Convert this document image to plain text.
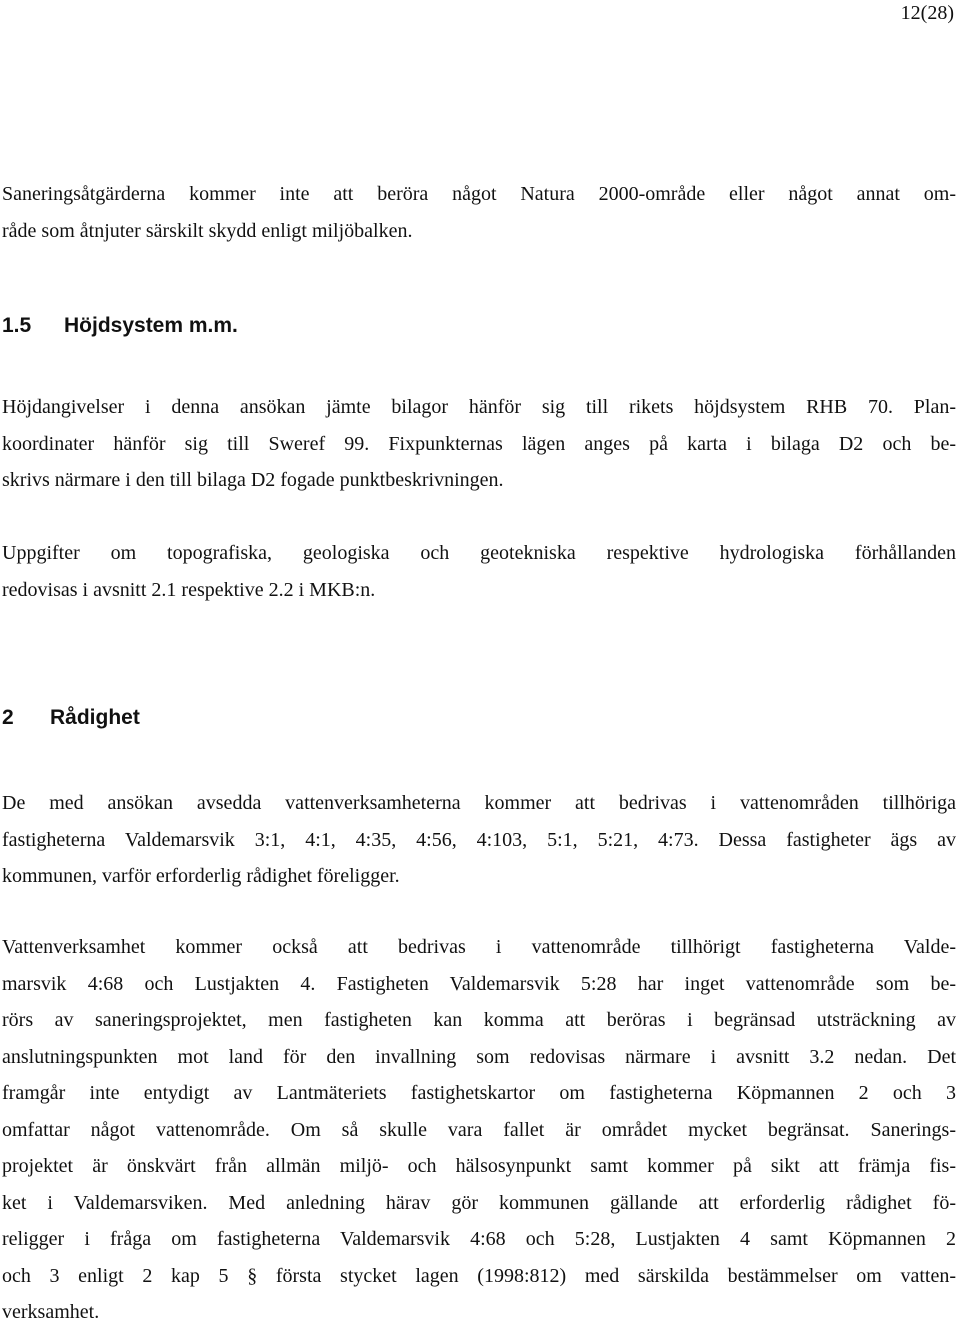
12(28)

Saneringsåtgärderna kommer inte att beröra något Natura 2000-område eller något annat om-
råde som åtnjuter särskilt skydd enligt miljöbalken.

1.5 Höjdsystem m.m.

Höjdangivelser i denna ansökan jämte bilagor hänför sig till rikets höjdsystem RHB 70. Plan-
koordinater hänför sig till Sweref 99. Fixpunkternas lägen anges på karta i bilaga D2 och be-
skrivs närmare i den till bilaga D2 fogade punktbeskrivningen.

Uppgifter om topografiska, geologiska och geotekniska respektive hydrologiska förhållanden
redovisas i avsnitt 2.1 respektive 2.2 i MKB:n.

2 Rådighet

De med ansökan avsedda vattenverksamheterna kommer att bedrivas i vattenområden tillhöriga
fastigheterna Valdemarsvik 3:1, 4:1, 4:35, 4:56, 4:103, 5:1, 5:21, 4:73. Dessa fastigheter ägs av
kommunen, varför erforderlig rådighet föreligger.

Vattenverksamhet kommer också att bedrivas i vattenområde tillhörigt fastigheterna Valde-
marsvik 4:68 och Lustjakten 4. Fastigheten Valdemarsvik 5:28 har inget vattenområde som be-
rörs av saneringsprojektet, men fastigheten kan komma att beröras i begränsad utsträckning av
anslutningspunkten mot land för den invallning som redovisas närmare i avsnitt 3.2 nedan. Det
framgår inte entydigt av Lantmäteriets fastighetskartor om fastigheterna Köpmannen 2 och 3
omfattar något vattenområde. Om så skulle vara fallet är området mycket begränsat. Sanerings-
projektet är önskvärt från allmän miljö- och hälsosynpunkt samt kommer på sikt att främja fis-
ket i Valdemarsviken. Med anledning härav gör kommunen gällande att erforderlig rådighet fö-
religger i fråga om fastigheterna Valdemarsvik 4:68 och 5:28, Lustjakten 4 samt Köpmannen 2
och 3 enligt 2 kap 5 § första stycket lagen (1998:812) med särskilda bestämmelser om vatten-
verksamhet.
